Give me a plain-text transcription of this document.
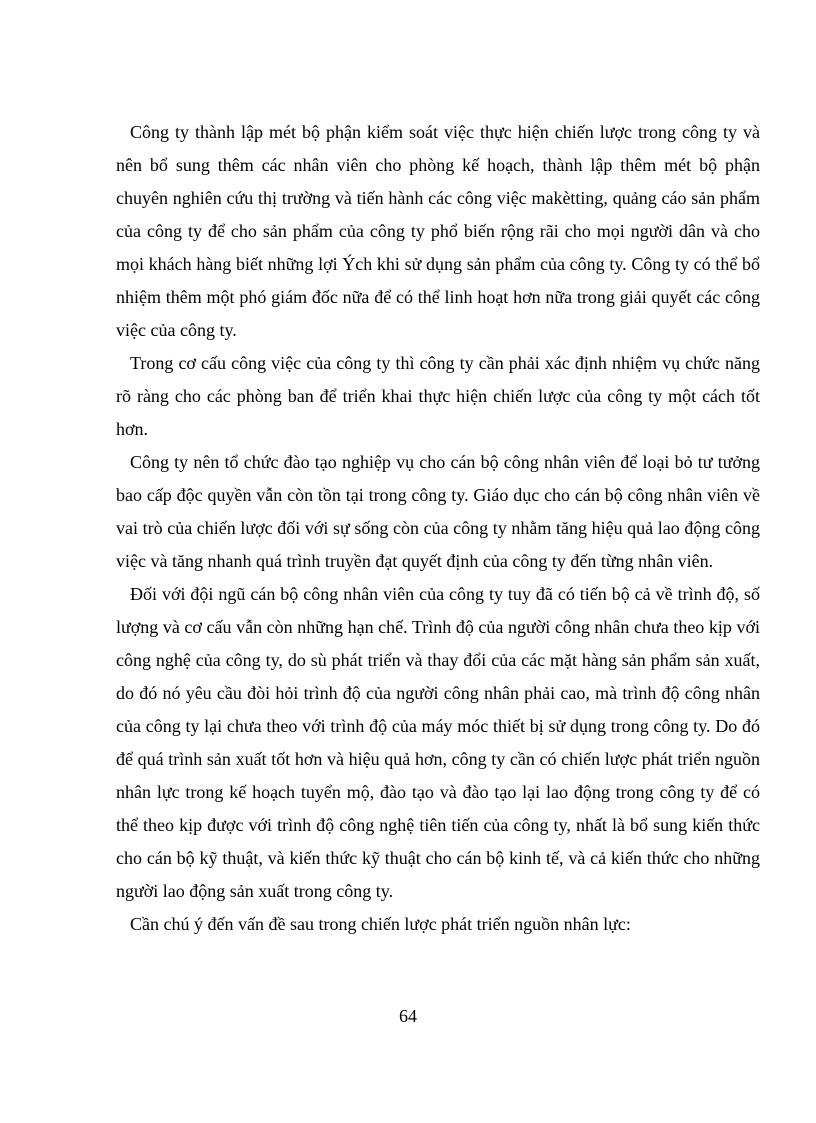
Công ty thành lập mét bộ phận kiểm soát việc thực hiện chiến lược trong công ty và nên bổ sung thêm các nhân viên cho phòng kế hoạch, thành lập thêm mét bộ phận chuyên nghiên cứu thị trường và tiến hành các công việc makètting, quảng cáo sản phẩm của công ty để cho sản phẩm của công ty phổ biến rộng rãi cho mọi người dân và cho mọi khách hàng biết những lợi Ých khi sử dụng sản phẩm của công ty. Công ty có thể bổ nhiệm thêm một phó giám đốc nữa để có thể linh hoạt hơn nữa trong giải quyết các công việc của công ty.

Trong cơ cấu công việc của công ty thì công ty cần phải xác định nhiệm vụ chức năng rõ ràng cho các phòng ban để triển khai thực hiện chiến lược của công ty một cách tốt hơn.

Công ty nên tổ chức đào tạo nghiệp vụ cho cán bộ công nhân viên để loại bỏ tư tưởng bao cấp độc quyền vẫn còn tồn tại trong công ty. Giáo dục cho cán bộ công nhân viên về vai trò của chiến lược đối với sự sống còn của công ty nhằm tăng hiệu quả lao động công việc và tăng nhanh quá trình truyền đạt quyết định của công ty đến từng nhân viên.

Đối với đội ngũ cán bộ công nhân viên của công ty tuy đã có tiến bộ cả về trình độ, số lượng và cơ cấu vẫn còn những hạn chế. Trình độ của người công nhân chưa theo kịp với công nghệ của công ty, do sù phát triển và thay đổi của các mặt hàng sản phẩm sản xuất, do đó nó yêu cầu đòi hỏi trình độ của người công nhân phải cao, mà trình độ công nhân của công ty lại chưa theo với trình độ của máy móc thiết bị sử dụng trong công ty. Do đó để quá trình sản xuất tốt hơn và hiệu quả hơn, công ty cần có chiến lược phát triển nguồn nhân lực trong kế hoạch tuyển mộ, đào tạo và đào tạo lại lao động trong công ty để có thể theo kịp được với trình độ công nghệ tiên tiến của công ty, nhất là bổ sung kiến thức cho cán bộ kỹ thuật, và kiến thức kỹ thuật cho cán bộ kinh tế, và cả kiến thức cho những người lao động sản xuất trong công ty.

Cần chú ý đến vấn đề sau trong chiến lược phát triển nguồn nhân lực:

64
